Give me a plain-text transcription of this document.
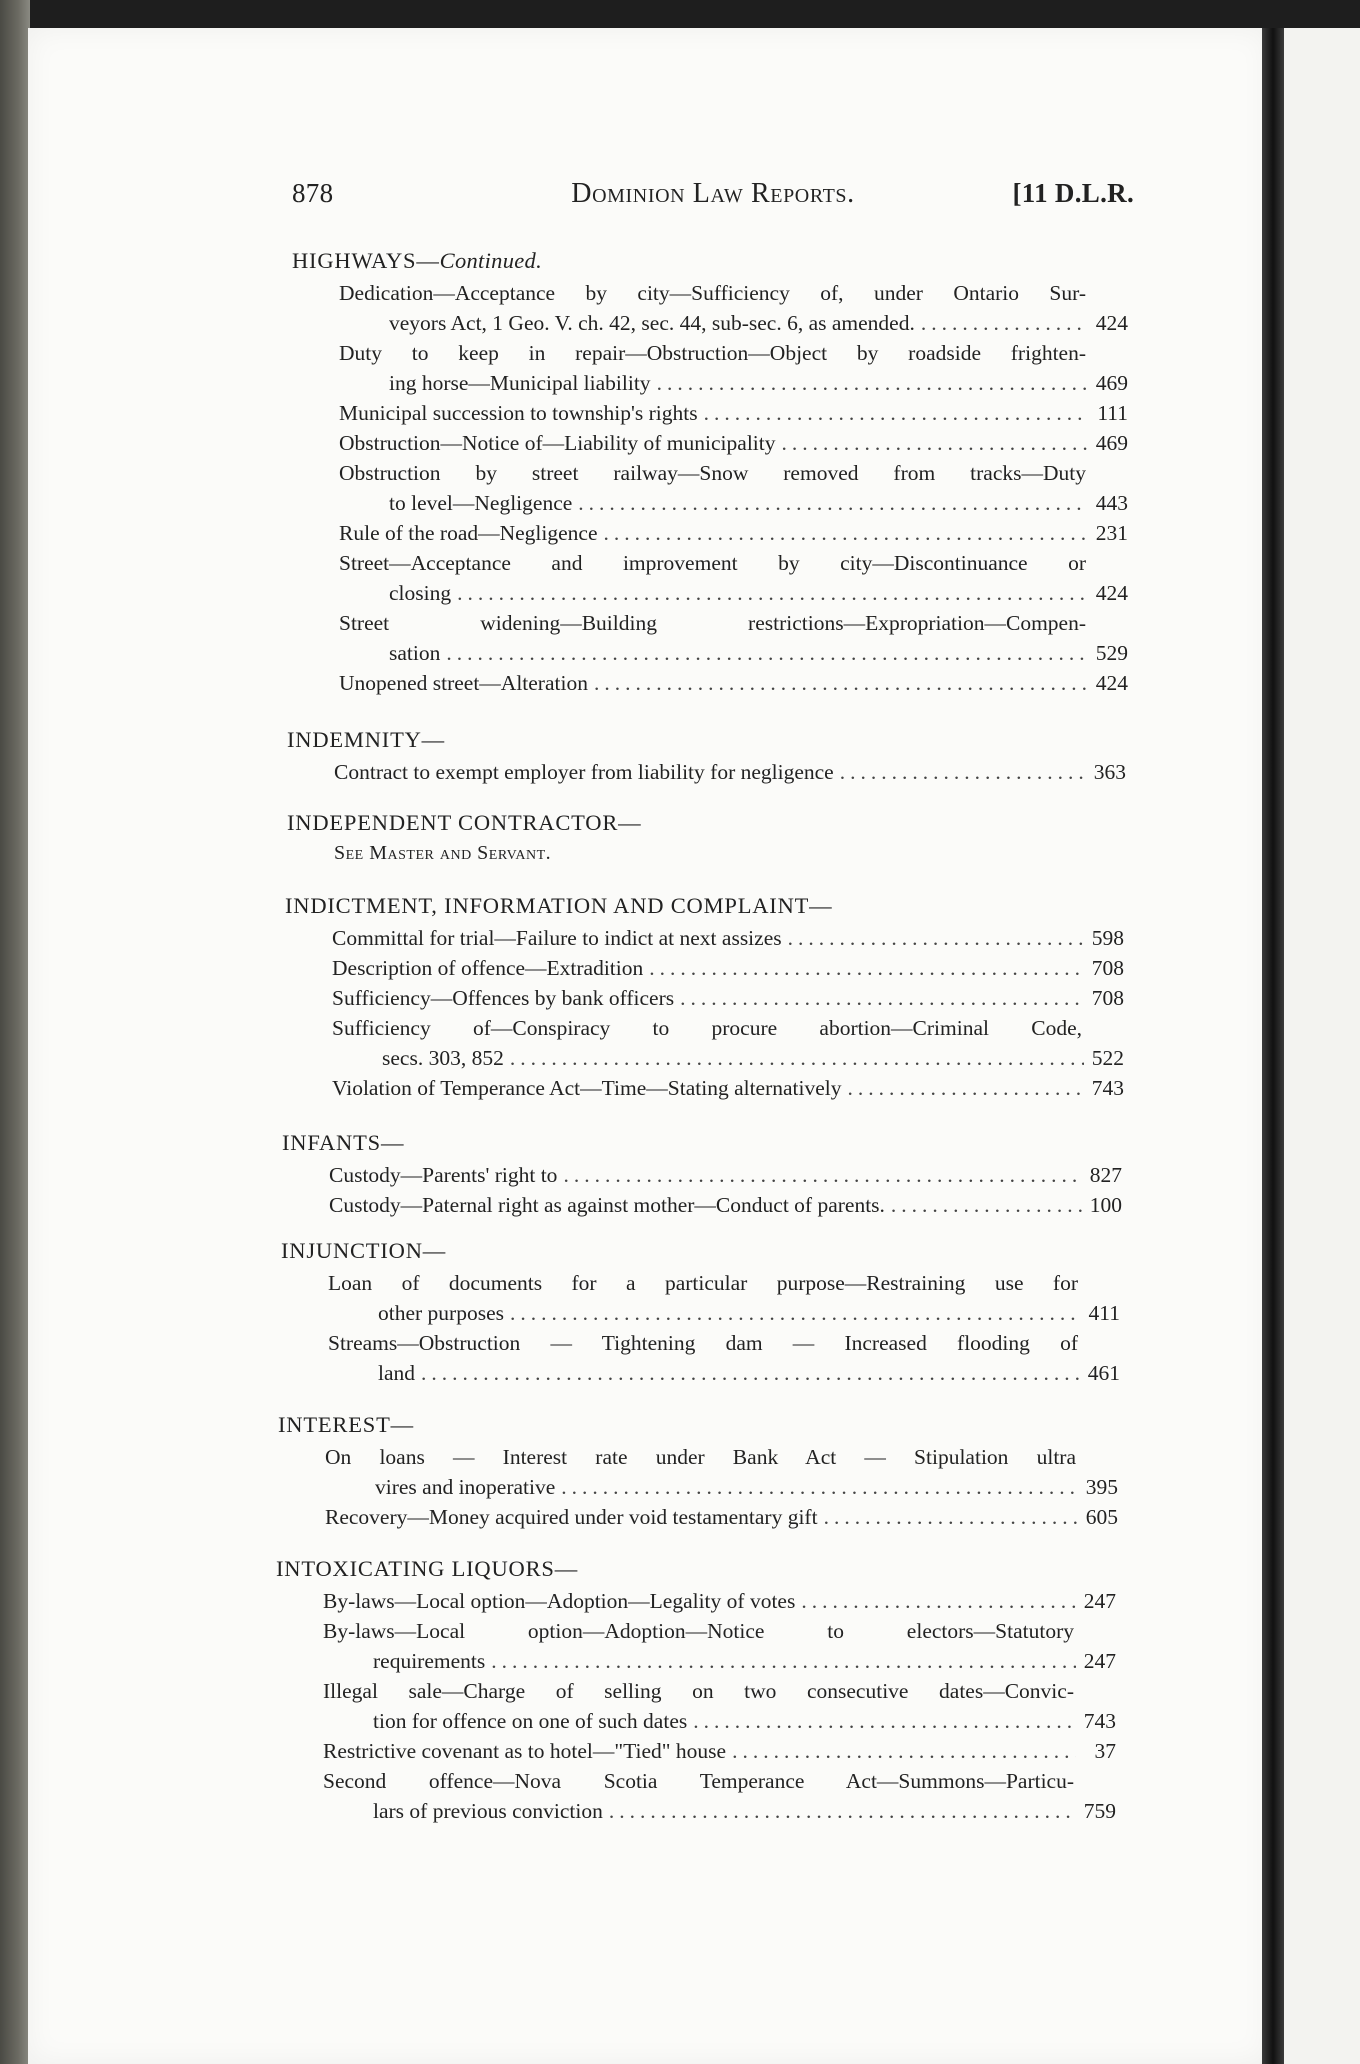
878	Dominion Law Reports.	[11 D.L.R.
HIGHWAYS—Continued.
Dedication—Acceptance by city—Sufficiency of, under Ontario Sur-
veyors Act, 1 Geo. V. ch. 42, sec. 44, sub-sec. 6, as amended. .....	424
Duty to keep in repair—Obstruction—Object by roadside frighten-
ing horse—Municipal liability .....	469
Municipal succession to township's rights .....	111
Obstruction—Notice of—Liability of municipality .....	469
Obstruction by street railway—Snow removed from tracks—Duty
to level—Negligence .....	443
Rule of the road—Negligence .....	231
Street—Acceptance and improvement by city—Discontinuance or
closing .....	424
Street widening—Building restrictions—Expropriation—Compen-
sation .....	529
Unopened street—Alteration .....	424
INDEMNITY—
Contract to exempt employer from liability for negligence .....	363
INDEPENDENT CONTRACTOR—
See Master and Servant.
INDICTMENT, INFORMATION AND COMPLAINT—
Committal for trial—Failure to indict at next assizes .....	598
Description of offence—Extradition .....	708
Sufficiency—Offences by bank officers .....	708
Sufficiency of—Conspiracy to procure abortion—Criminal Code,
secs. 303, 852 .....	522
Violation of Temperance Act—Time—Stating alternatively .....	743
INFANTS—
Custody—Parents' right to .....	827
Custody—Paternal right as against mother—Conduct of parents. .....	100
INJUNCTION—
Loan of documents for a particular purpose—Restraining use for
other purposes .....	411
Streams—Obstruction — Tightening dam — Increased flooding of
land .....	461
INTEREST—
On loans — Interest rate under Bank Act — Stipulation ultra
vires and inoperative .....	395
Recovery—Money acquired under void testamentary gift .....	605
INTOXICATING LIQUORS—
By-laws—Local option—Adoption—Legality of votes .....	247
By-laws—Local option—Adoption—Notice to electors—Statutory
requirements .....	247
Illegal sale—Charge of selling on two consecutive dates—Convic-
tion for offence on one of such dates .....	743
Restrictive covenant as to hotel—"Tied" house .....	37
Second offence—Nova Scotia Temperance Act—Summons—Particu-
lars of previous conviction .....	759
